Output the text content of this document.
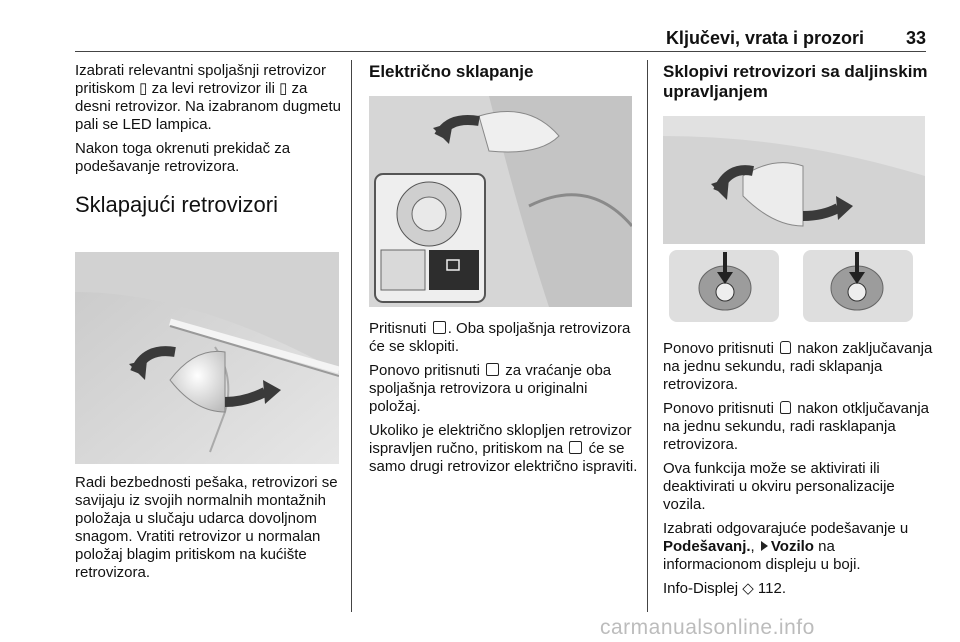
Ključevi, vrata i prozori 33

Izabrati relevantni spoljašnji retrovizor pritiskom ▯ za levi retrovizor ili ▯ za desni retrovizor. Na izabranom dugmetu pali se LED lampica.

Nakon toga okrenuti prekidač za podešavanje retrovizora.

Sklapajući retrovizori

Radi bezbednosti pešaka, retrovizori se savijaju iz svojih normalnih montažnih položaja u slučaju udarca dovoljnom snagom. Vratiti retrovizor u normalan položaj blagim pritiskom na kućište retrovizora.

Električno sklapanje

Pritisnuti . Oba spoljašnja retrovizora će se sklopiti.

Ponovo pritisnuti za vraćanje oba spoljašnja retrovizora u originalni položaj.

Ukoliko je električno sklopljen retrovizor ispravljen ručno, pritiskom na će se samo drugi retrovizor električno ispraviti.

Sklopivi retrovizori sa daljinskim upravljanjem

Ponovo pritisnuti nakon zaključavanja na jednu sekundu, radi sklapanja retrovizora.

Ponovo pritisnuti nakon otključavanja na jednu sekundu, radi rasklapanja retrovizora.

Ova funkcija može se aktivirati ili deaktivirati u okviru personalizacije vozila.

Izabrati odgovarajuće podešavanje u Podešavanj., Vozilo na informacionom displeju u boji.

Info-Displej ◇ 112.

carmanualsonline.info
